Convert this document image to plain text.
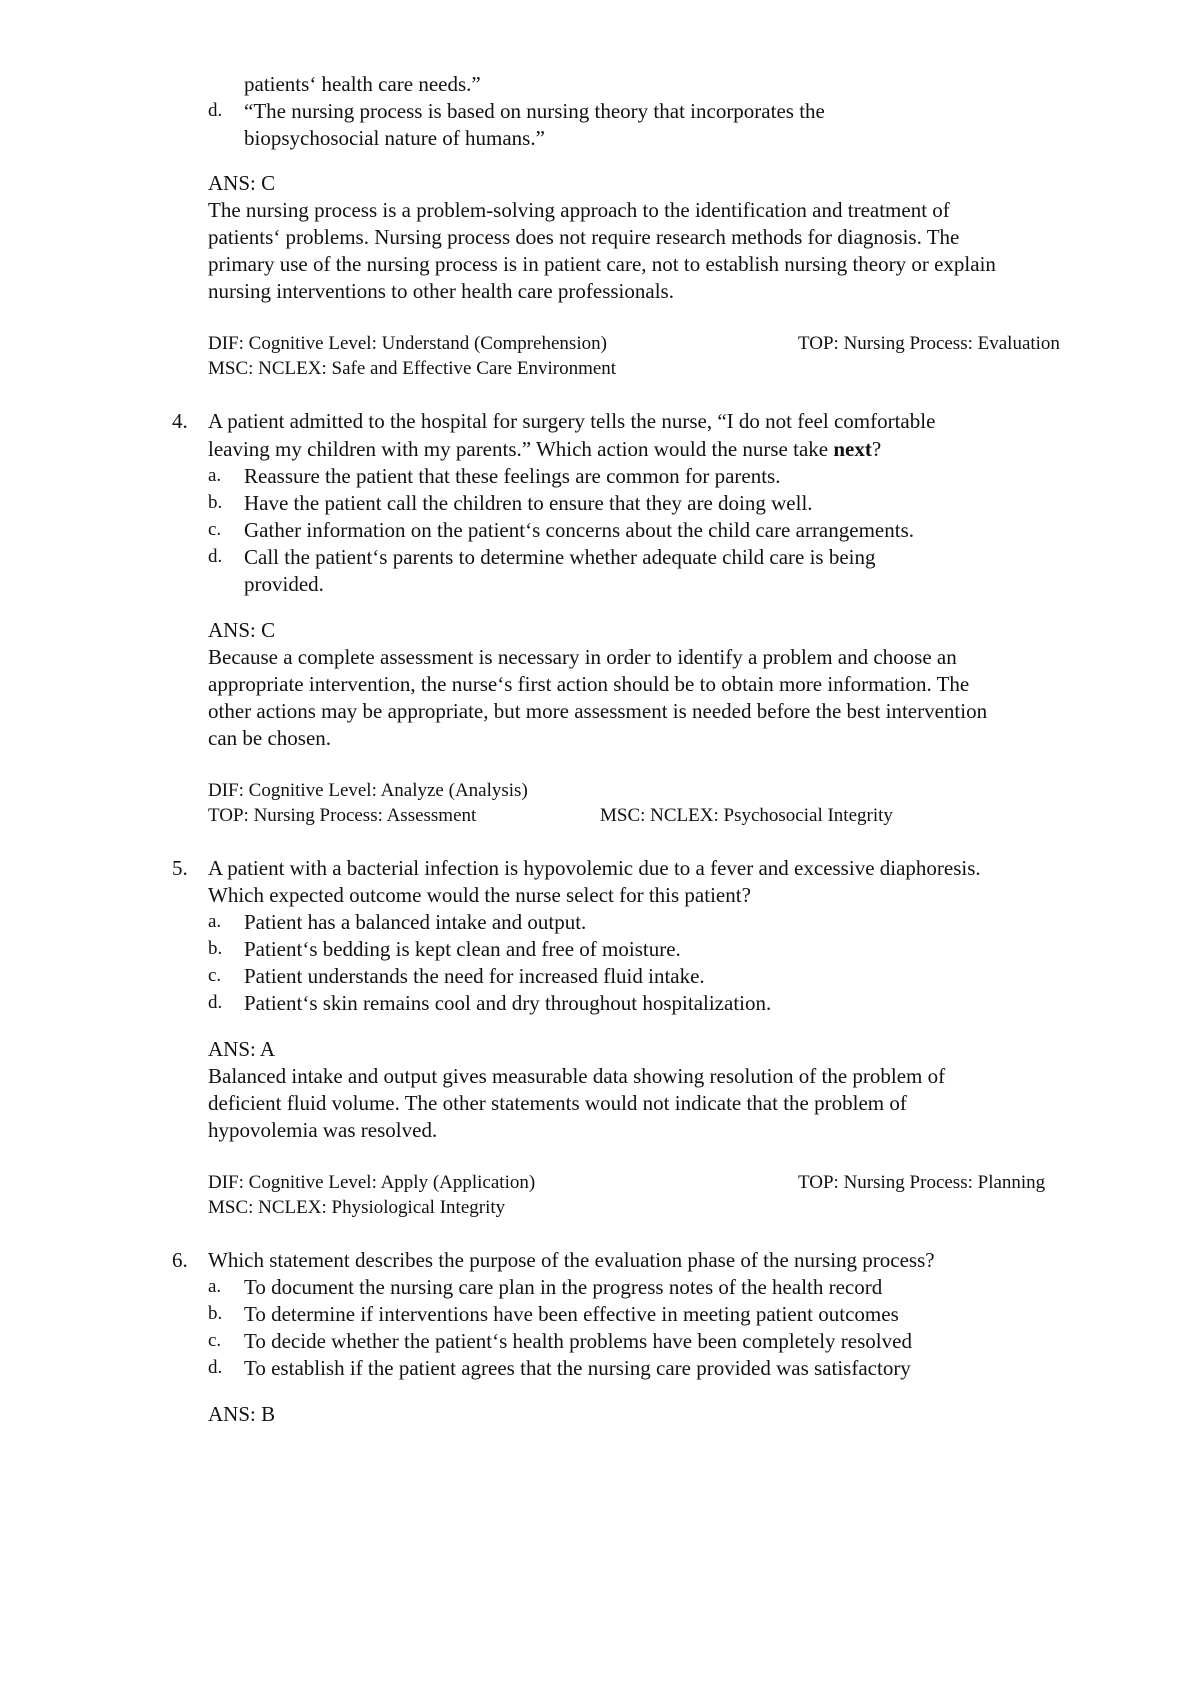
patients‘ health care needs.”
d. “The nursing process is based on nursing theory that incorporates the
biopsychosocial nature of humans.”
ANS: C
The nursing process is a problem-solving approach to the identification and treatment of
patients‘ problems. Nursing process does not require research methods for diagnosis. The
primary use of the nursing process is in patient care, not to establish nursing theory or explain
nursing interventions to other health care professionals.
DIF: Cognitive Level: Understand (Comprehension)	TOP: Nursing Process: Evaluation
MSC: NCLEX: Safe and Effective Care Environment
4. A patient admitted to the hospital for surgery tells the nurse, “I do not feel comfortable
leaving my children with my parents.” Which action would the nurse take next?
a. Reassure the patient that these feelings are common for parents.
b. Have the patient call the children to ensure that they are doing well.
c. Gather information on the patient‘s concerns about the child care arrangements.
d. Call the patient‘s parents to determine whether adequate child care is being
provided.
ANS: C
Because a complete assessment is necessary in order to identify a problem and choose an
appropriate intervention, the nurse‘s first action should be to obtain more information. The
other actions may be appropriate, but more assessment is needed before the best intervention
can be chosen.
DIF: Cognitive Level: Analyze (Analysis)
TOP: Nursing Process: Assessment	MSC: NCLEX: Psychosocial Integrity
5. A patient with a bacterial infection is hypovolemic due to a fever and excessive diaphoresis.
Which expected outcome would the nurse select for this patient?
a. Patient has a balanced intake and output.
b. Patient‘s bedding is kept clean and free of moisture.
c. Patient understands the need for increased fluid intake.
d. Patient‘s skin remains cool and dry throughout hospitalization.
ANS: A
Balanced intake and output gives measurable data showing resolution of the problem of
deficient fluid volume. The other statements would not indicate that the problem of
hypovolemia was resolved.
DIF: Cognitive Level: Apply (Application)	TOP: Nursing Process: Planning
MSC: NCLEX: Physiological Integrity
6. Which statement describes the purpose of the evaluation phase of the nursing process?
a. To document the nursing care plan in the progress notes of the health record
b. To determine if interventions have been effective in meeting patient outcomes
c. To decide whether the patient‘s health problems have been completely resolved
d. To establish if the patient agrees that the nursing care provided was satisfactory
ANS: B
